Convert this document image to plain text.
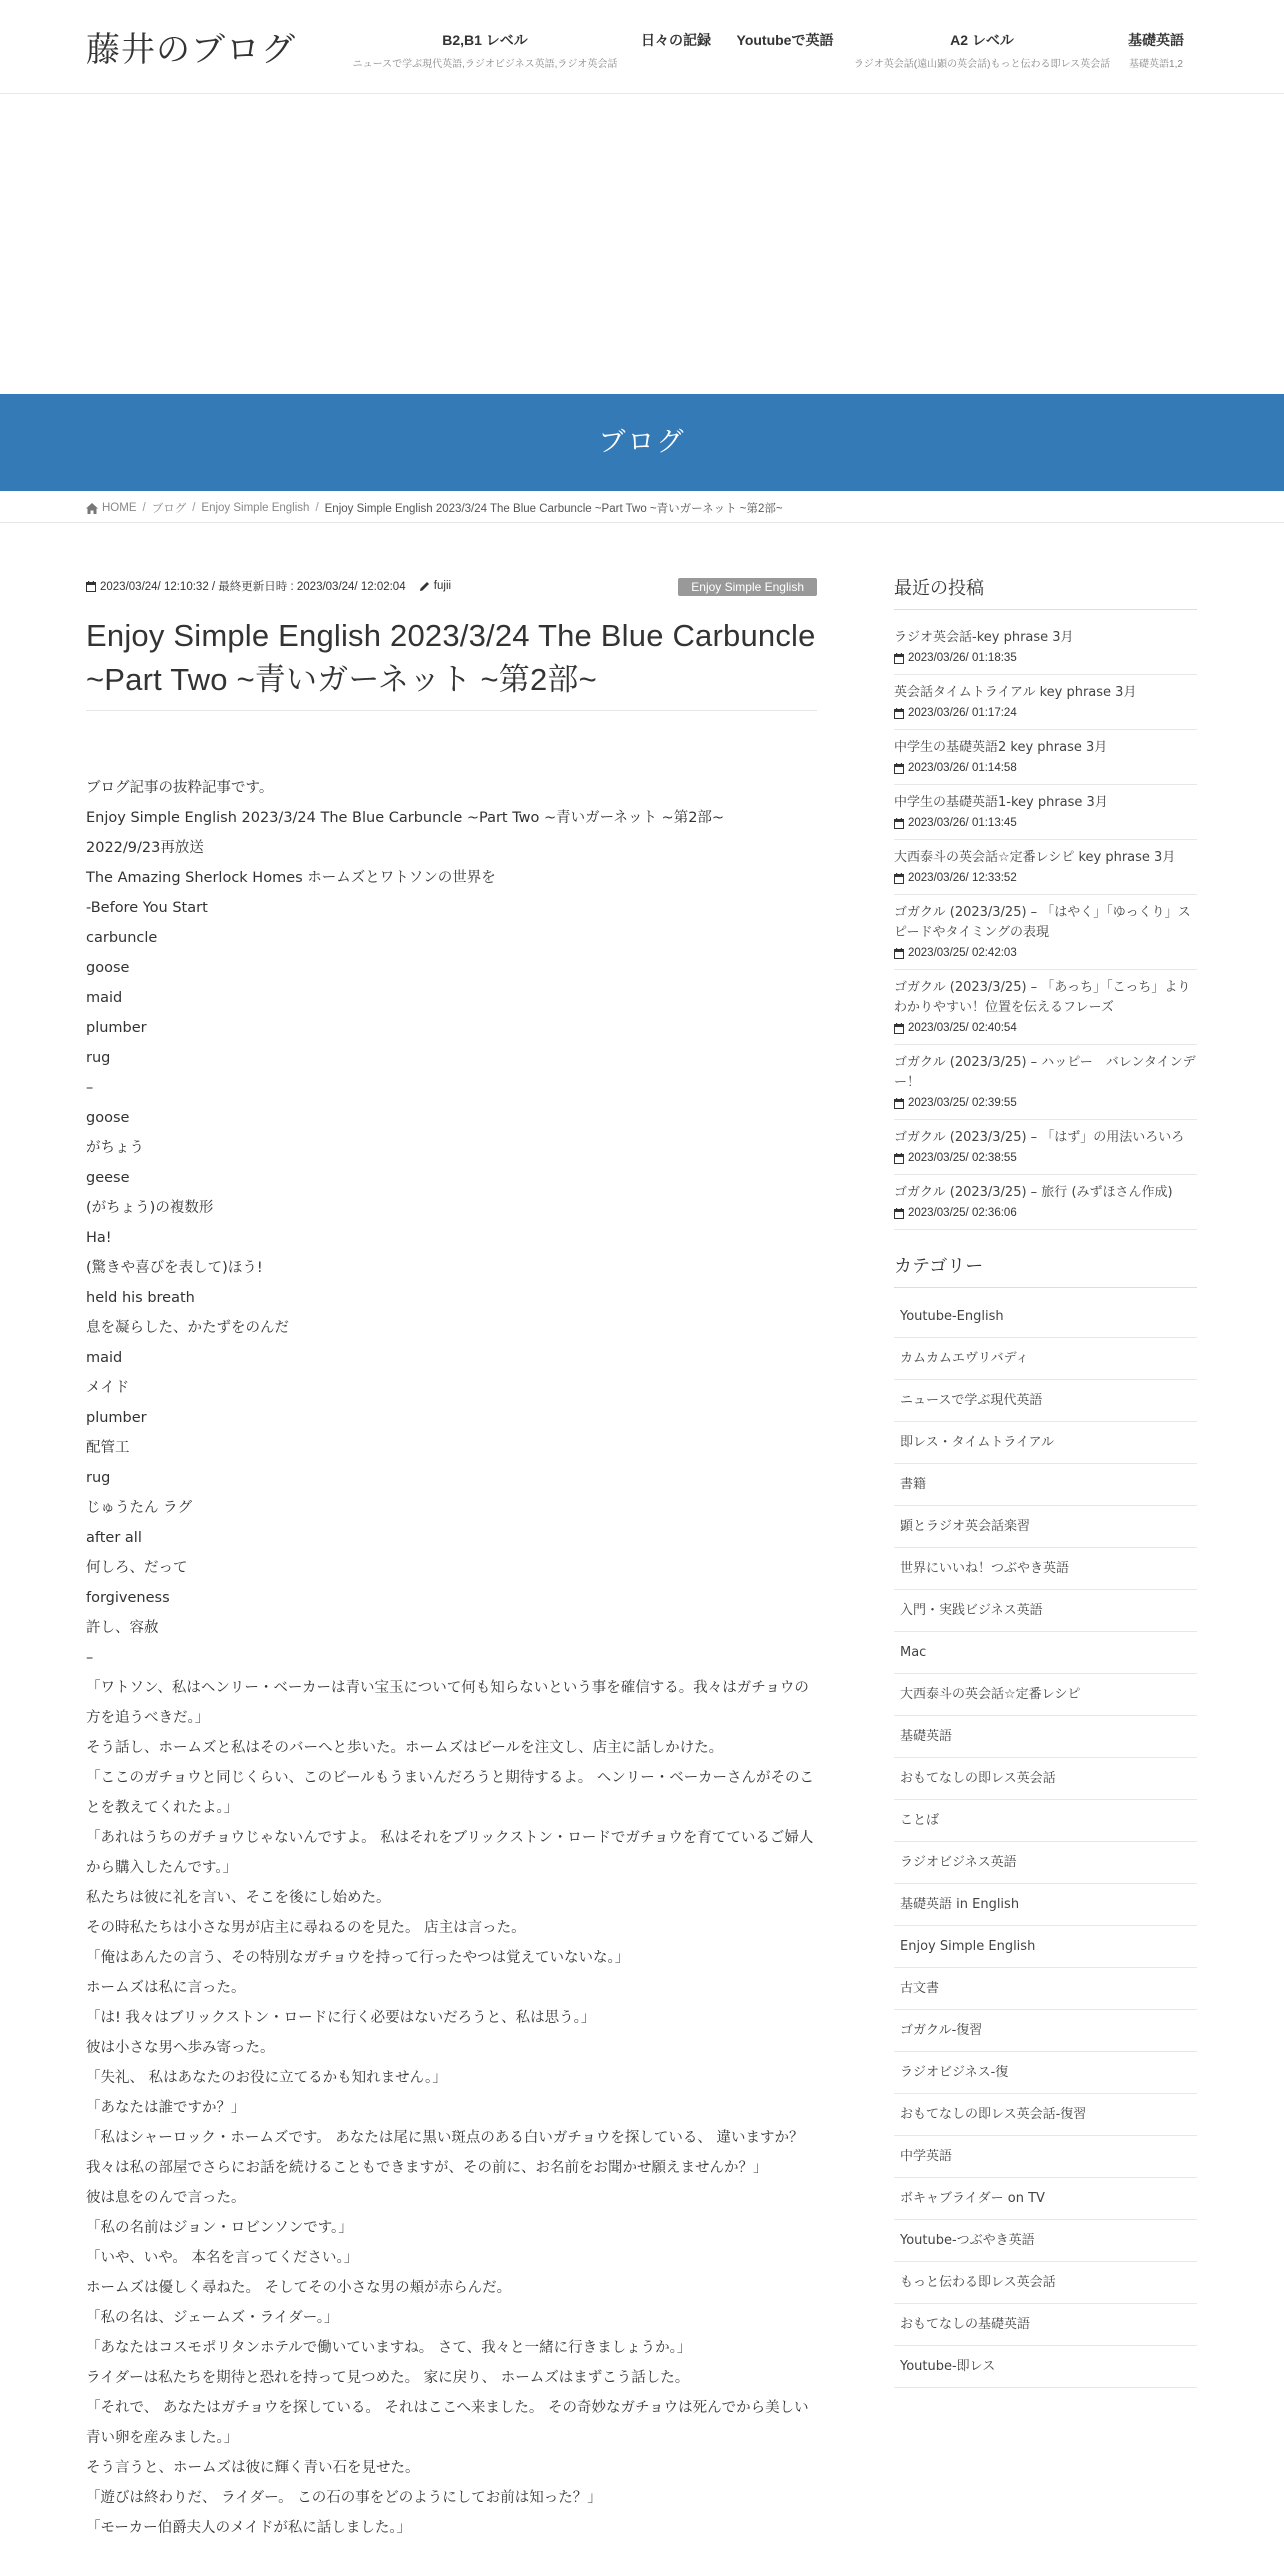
藤井のブログ	B2,B1 レベル
ニュースで学ぶ現代英語,ラジオビジネス英語,ラジオ英会話
日々の記録	Youtubeで英語	A2 レベル
ラジオ英会話(遠山顕の英会話)もっと伝わる即レス英会話
基礎英語
基礎英語1,2
ブログ
HOME / ブログ / Enjoy Simple English / Enjoy Simple English 2023/3/24 The Blue Carbuncle ~Part Two ~青いガーネット ~第2部~
2023/03/24/ 12:10:32 / 最終更新日時 : 2023/03/24/ 12:02:04
fujii	Enjoy Simple English
Enjoy Simple English 2023/3/24 The Blue Carbuncle ~Part Two ~青いガーネット ~第2部~

ブログ記事の抜粋記事です。

Enjoy Simple English 2023/3/24 The Blue Carbuncle ~Part Two ~青いガーネット ~第2部~

2022/9/23再放送

The Amazing Sherlock Homes ホームズとワトソンの世界を

-Before You Start

carbuncle

goose

maid

plumber

rug

–

goose

がちょう

geese

(がちょう)の複数形

Ha!

(驚きや喜びを表して)ほう!

held his breath

息を凝らした、かたずをのんだ

maid

メイド

plumber

配管工

rug

じゅうたん ラグ

after all

何しろ、だって

forgiveness

許し、容赦

–

「ワトソン、私はヘンリー・ベーカーは青い宝玉について何も知らないという事を確信する。我々はガチョウの方を追うべきだ。」

そう話し、ホームズと私はそのバーへと歩いた。ホームズはビールを注文し、店主に話しかけた。

「ここのガチョウと同じくらい、このビールもうまいんだろうと期待するよ。 ヘンリー・ベーカーさんがそのことを教えてくれたよ。」

「あれはうちのガチョウじゃないんですよ。 私はそれをブリックストン・ロードでガチョウを育てているご婦人から購入したんです。」

私たちは彼に礼を言い、そこを後にし始めた。

その時私たちは小さな男が店主に尋ねるのを見た。 店主は言った。

「俺はあんたの言う、その特別なガチョウを持って行ったやつは覚えていないな。」

ホームズは私に言った。

「は! 我々はブリックストン・ロードに行く必要はないだろうと、私は思う。」

彼は小さな男へ歩み寄った。

「失礼、 私はあなたのお役に立てるかも知れません。」

「あなたは誰ですか？」

「私はシャーロック・ホームズです。 あなたは尾に黒い斑点のある白いガチョウを探している、 違いますか？ 我々は私の部屋でさらにお話を続けることもできますが、その前に、お名前をお聞かせ願えませんか？」

彼は息をのんで言った。

「私の名前はジョン・ロビンソンです。」

「いや、いや。 本名を言ってください。」

ホームズは優しく尋ねた。 そしてその小さな男の頬が赤らんだ。

「私の名は、ジェームズ・ライダー。」

「あなたはコスモポリタンホテルで働いていますね。 さて、我々と一緒に行きましょうか。」

ライダーは私たちを期待と恐れを持って見つめた。 家に戻り、 ホームズはまずこう話した。

「それで、 あなたはガチョウを探している。 それはここへ来ました。 その奇妙なガチョウは死んでから美しい青い卵を産みました。」

そう言うと、ホームズは彼に輝く青い石を見せた。

「遊びは終わりだ、 ライダー。 この石の事をどのようにしてお前は知った？」

「モーカー伯爵夫人のメイドが私に話しました。」

最近の投稿
ラジオ英会話-key phrase 3月
2023/03/26/ 01:18:35
英会話タイムトライアル key phrase 3月
2023/03/26/ 01:17:24
中学生の基礎英語2 key phrase 3月
2023/03/26/ 01:14:58
中学生の基礎英語1-key phrase 3月
2023/03/26/ 01:13:45
大西泰斗の英会話☆定番レシピ key phrase 3月
2023/03/26/ 12:33:52
ゴガクル (2023/3/25) – 「はやく」「ゆっくり」スピードやタイミングの表現
2023/03/25/ 02:42:03
ゴガクル (2023/3/25) – 「あっち」「こっち」よりわかりやすい！位置を伝えるフレーズ
2023/03/25/ 02:40:54
ゴガクル (2023/3/25) – ハッピー　バレンタインデー！
2023/03/25/ 02:39:55
ゴガクル (2023/3/25) – 「はず」の用法いろいろ
2023/03/25/ 02:38:55
ゴガクル (2023/3/25) – 旅行 (みずほさん作成)
2023/03/25/ 02:36:06
カテゴリー
Youtube-English
カムカムエヴリバディ
ニュースで学ぶ現代英語
即レス・タイムトライアル
書籍
顕とラジオ英会話楽習
世界にいいね！つぶやき英語
入門・実践ビジネス英語
Mac
大西泰斗の英会話☆定番レシピ
基礎英語
おもてなしの即レス英会話
ことば
ラジオビジネス英語
基礎英語 in English
Enjoy Simple English
古文書
ゴガクル-復習
ラジオビジネス-復
おもてなしの即レス英会話-復習
中学英語
ボキャブライダー on TV
Youtube-つぶやき英語
もっと伝わる即レス英会話
おもてなしの基礎英語
Youtube-即レス
